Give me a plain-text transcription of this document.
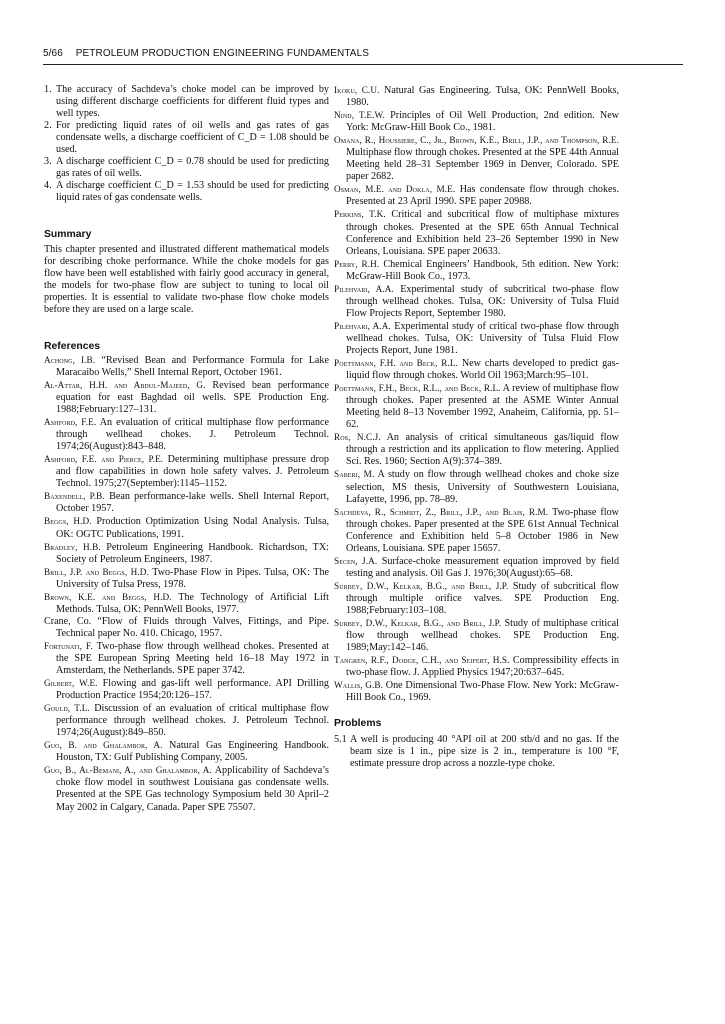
5/66 PETROLEUM PRODUCTION ENGINEERING FUNDAMENTALS
1. The accuracy of Sachdeva’s choke model can be improved by using different discharge coefficients for different fluid types and well types.
2. For predicting liquid rates of oil wells and gas rates of gas condensate wells, a discharge coefficient of C_D = 1.08 should be used.
3. A discharge coefficient C_D = 0.78 should be used for predicting gas rates of oil wells.
4. A discharge coefficient C_D = 1.53 should be used for predicting liquid rates of gas condensate wells.
Summary

This chapter presented and illustrated different mathematical models for describing choke performance. While the choke models for gas flow have been well established with fairly good accuracy in general, the models for two-phase flow are subject to tuning to local oil properties. It is essential to validate two-phase flow choke models before they are used on a large scale.

References
Achong, I.B. “Revised Bean and Performance Formula for Lake Maracaibo Wells,” Shell Internal Report, October 1961.
Al-Attar, H.H. and Abdul-Majeed, G. Revised bean performance equation for east Baghdad oil wells. SPE Production Eng. 1988;February:127–131.
Ashford, F.E. An evaluation of critical multiphase flow performance through wellhead chokes. J. Petroleum Technol. 1974;26(August):843–848.
Ashford, F.E. and Pierce, P.E. Determining multiphase pressure drop and flow capabilities in down hole safety valves. J. Petroleum Technol. 1975;27(September):1145–1152.
Baxendell, P.B. Bean performance-lake wells. Shell Internal Report, October 1957.
Beggs, H.D. Production Optimization Using Nodal Analysis. Tulsa, OK: OGTC Publications, 1991.
Bradley, H.B. Petroleum Engineering Handbook. Richardson, TX: Society of Petroleum Engineers, 1987.
Brill, J.P. and Beggs, H.D. Two-Phase Flow in Pipes. Tulsa, OK: The University of Tulsa Press, 1978.
Brown, K.E. and Beggs, H.D. The Technology of Artificial Lift Methods. Tulsa, OK: PennWell Books, 1977.
Crane, Co. “Flow of Fluids through Valves, Fittings, and Pipe. Technical paper No. 410. Chicago, 1957.
Fortunati, F. Two-phase flow through wellhead chokes. Presented at the SPE European Spring Meeting held 16–18 May 1972 in Amsterdam, the Netherlands. SPE paper 3742.
Gilbert, W.E. Flowing and gas-lift well performance. API Drilling Production Practice 1954;20:126–157.
Gould, T.L. Discussion of an evaluation of critical multiphase flow performance through wellhead chokes. J. Petroleum Technol. 1974;26(August):849–850.
Guo, B. and Ghalambor, A. Natural Gas Engineering Handbook. Houston, TX: Gulf Publishing Company, 2005.
Guo, B., Al-Bemani, A., and Ghalambor, A. Applicability of Sachdeva’s choke flow model in southwest Louisiana gas condensate wells. Presented at the SPE Gas technology Symposium held 30 April–2 May 2002 in Calgary, Canada. Paper SPE 75507.
Ikoku, C.U. Natural Gas Engineering. Tulsa, OK: PennWell Books, 1980.
Nind, T.E.W. Principles of Oil Well Production, 2nd edition. New York: McGraw-Hill Book Co., 1981.
Omana, R., Houssiere, C., Jr., Brown, K.E., Brill, J.P., and Thompson, R.E. Multiphase flow through chokes. Presented at the SPE 44th Annual Meeting held 28–31 September 1969 in Denver, Colorado. SPE paper 2682.
Osman, M.E. and Dokla, M.E. Has condensate flow through chokes. Presented at 23 April 1990. SPE paper 20988.
Perkins, T.K. Critical and subcritical flow of multiphase mixtures through chokes. Presented at the SPE 65th Annual Technical Conference and Exhibition held 23–26 September 1990 in New Orleans, Louisiana. SPE paper 20633.
Perry, R.H. Chemical Engineers’ Handbook, 5th edition. New York: McGraw-Hill Book Co., 1973.
Pilehvari, A.A. Experimental study of subcritical two-phase flow through wellhead chokes. Tulsa, OK: University of Tulsa Fluid Flow Projects Report, September 1980.
Pilehvari, A.A. Experimental study of critical two-phase flow through wellhead chokes. Tulsa, OK: University of Tulsa Fluid Flow Projects Report, June 1981.
Poettmann, F.H. and Beck, R.L. New charts developed to predict gas-liquid flow through chokes. World Oil 1963;March:95–101.
Poettmann, F.H., Beck, R.L., and Beck, R.L. A review of multiphase flow through chokes. Paper presented at the ASME Winter Annual Meeting held 8–13 November 1992, Anaheim, California, pp. 51–62.
Ros, N.C.J. An analysis of critical simultaneous gas/liquid flow through a restriction and its application to flow metering. Applied Sci. Res. 1960; Section A(9):374–389.
Saberi, M. A study on flow through wellhead chokes and choke size selection, MS thesis, University of Southwestern Louisiana, Lafayette, 1996, pp. 78–89.
Sachdeva, R., Schmidt, Z., Brill, J.P., and Blais, R.M. Two-phase flow through chokes. Paper presented at the SPE 61st Annual Technical Conference and Exhibition held 5–8 October 1986 in New Orleans, Louisiana. SPE paper 15657.
Secen, J.A. Surface-choke measurement equation improved by field testing and analysis. Oil Gas J. 1976;30(August):65–68.
Surbey, D.W., Kelkar, B.G., and Brill, J.P. Study of subcritical flow through multiple orifice valves. SPE Production Eng. 1988;February:103–108.
Surbey, D.W., Kelkar, B.G., and Brill, J.P. Study of multiphase critical flow through wellhead chokes. SPE Production Eng. 1989;May:142–146.
Tangren, R.F., Dodge, C.H., and Seifert, H.S. Compressibility effects in two-phase flow. J. Applied Physics 1947;20:637–645.
Wallis, G.B. One Dimensional Two-Phase Flow. New York: McGraw-Hill Book Co., 1969.
Problems
5.1 A well is producing 40 °API oil at 200 stb/d and no gas. If the beam size is 1 in., pipe size is 2 in., temperature is 100 °F, estimate pressure drop across a nozzle-type choke.
